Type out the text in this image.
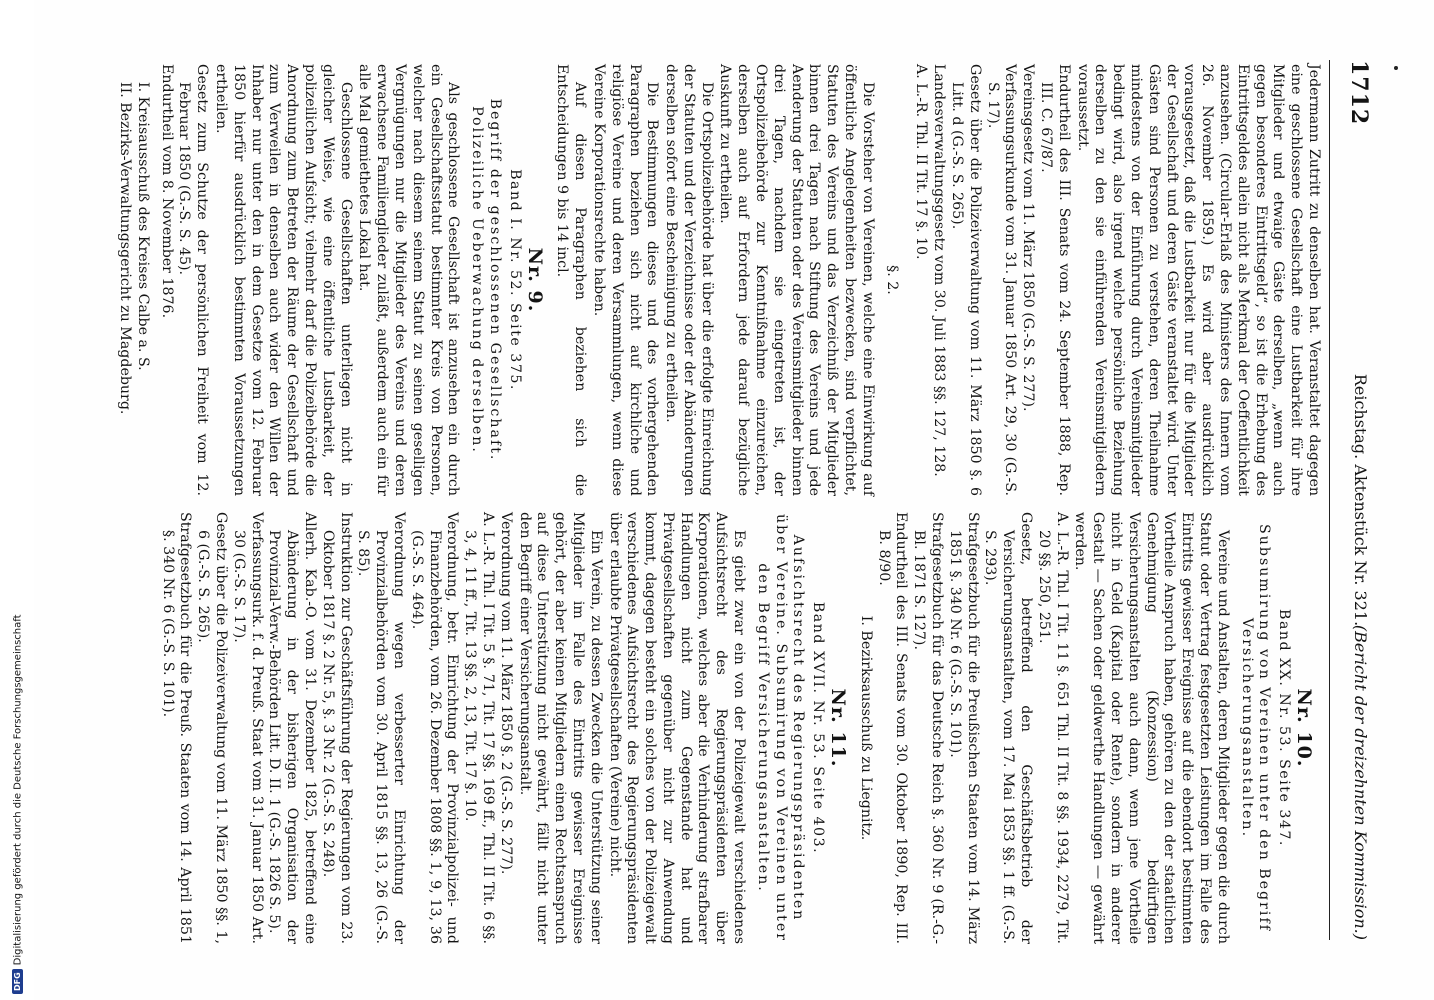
1712
Reichstag. Aktenstück Nr. 321.
(Bericht der dreizehnten Kommission.)

Jedermann Zutritt zu denselben hat. Veranstaltet dagegen eine geschlossene Gesellschaft eine Lustbarkeit für ihre Mitglieder und etwaige Gäste derselben, „wenn auch gegen besonderes Eintrittsgeld“, so ist die Erhebung des Eintrittsgeldes allein nicht als Merkmal der Oeffentlichkeit anzusehen. (Circular-Erlaß des Ministers des Innern vom 26. November 1859.) Es wird aber ausdrücklich vorausgesetzt, daß die Lustbarkeit nur für die Mitglieder der Gesellschaft und deren Gäste veranstaltet wird. Unter Gästen sind Personen zu verstehen, deren Theilnahme mindestens von der Einführung durch Vereinsmitglieder bedingt wird, also irgend welche persönliche Beziehung derselben zu den sie einführenden Vereinsmitgliedern voraussetzt.

Endurtheil des III. Senats vom 24. September 1888, Rep. III. C. 67/87.
Vereinsgesetz vom 11. März 1850 (G.-S. S. 277).
Verfassungsurkunde vom 31. Januar 1850 Art. 29, 30 (G.-S. S. 17).
Gesetz über die Polizeiverwaltung vom 11. März 1850 §. 6 Litt. d (G.-S. S. 265).
Landesverwaltungsgesetz vom 30. Juli 1883 §§. 127, 128.
A. L.-R. Thl. II Tit. 17 §. 10.
§. 2.

Die Vorsteher von Vereinen, welche eine Einwirkung auf öffentliche Angelegenheiten bezwecken, sind verpflichtet, Statuten des Vereins und das Verzeichniß der Mitglieder binnen drei Tagen nach Stiftung des Vereins und jede Aenderung der Statuten oder des Vereinsmitglieder binnen drei Tagen, nachdem sie eingetreten ist, der Ortspolizeibehörde zur Kenntnißnahme einzureichen, derselben auch auf Erfordern jede darauf bezügliche Auskunft zu ertheilen.

Die Ortspolizeibehörde hat über die erfolgte Einreichung der Statuten und der Verzeichnisse oder der Abänderungen derselben sofort eine Bescheinigung zu ertheilen.

Die Bestimmungen dieses und des vorhergehenden Paragraphen beziehen sich nicht auf kirchliche und religiöse Vereine und deren Versammlungen, wenn diese Vereine Korporationsrechte haben.

Auf diesen Paragraphen beziehen sich die Entscheidungen 9 bis 14 incl.

Nr. 9.
Band I. Nr. 52. Seite 375.
Begriff der geschlossenen Gesellschaft. Polizeiliche Ueberwachung derselben.

Als geschlossene Gesellschaft ist anzusehen ein durch ein Gesellschaftsstatut bestimmter Kreis von Personen, welcher nach diesem seinem Statut zu seinen geselligen Vergnügungen nur die Mitglieder des Vereins und deren erwachsene Familienglieder zuläßt, außerdem auch ein für alle Mal gemiethetes Lokal hat.

Geschlossene Gesellschaften unterliegen nicht in gleicher Weise, wie eine öffentliche Lustbarkeit, der polizeilichen Aufsicht; vielmehr darf die Polizeibehörde die Anordnung zum Betreten der Räume der Gesellschaft und zum Verweilen in denselben auch wider den Willen der Inhaber nur unter den in dem Gesetze vom 12. Februar 1850 hierfür ausdrücklich bestimmten Voraussetzungen ertheilen.

Gesetz zum Schutze der persönlichen Freiheit vom 12. Februar 1850 (G.-S. S. 45).
Endurtheil vom 8. November 1876.
I. Kreisausschuß des Kreises Calbe a. S.
II. Bezirks-Verwaltungsgericht zu Magdeburg.
Nr. 10.
Band XX. Nr. 53. Seite 347.
Subsumirung von Vereinen unter den Begriff Versicherungsanstalten.

Vereine und Anstalten, deren Mitglieder gegen die durch Statut oder Vertrag festgesetzten Leistungen im Falle des Eintritts gewisser Ereignisse auf die ebendort bestimmten Vortheile Anspruch haben, gehören zu den der staatlichen Genehmigung (Konzession) bedürftigen Versicherungsanstalten auch dann, wenn jene Vortheile nicht in Geld (Kapital oder Rente), sondern in anderer Gestalt — Sachen oder geldwerthe Handlungen — gewährt werden.

A. L.-R. Thl. I Tit. 11 §. 651 Thl. II Tit. 8 §§. 1934, 2279, Tit. 20 §§. 250, 251.
Gesetz, betreffend den Geschäftsbetrieb der Versicherungsanstalten, vom 17. Mai 1853 §§. 1 ff. (G.-S. S. 293).
Strafgesetzbuch für die Preußischen Staaten vom 14. März 1851 §. 340 Nr. 6 (G.-S. S. 101).
Strafgesetzbuch für das Deutsche Reich §. 360 Nr. 9 (R.-G.-Bl. 1871 S. 127).
Endurtheil des III. Senats vom 30. Oktober 1890, Rep. III. B. 8/90.
I. Bezirksausschuß zu Liegnitz.
Nr. 11.
Band XVII. Nr. 53. Seite 403.
Aufsichtsrecht des Regierungspräsidenten über Vereine. Subsumirung von Vereinen unter den Begriff Versicherungsanstalten.

Es giebt zwar ein von der Polizeigewalt verschiedenes Aufsichtsrecht des Regierungspräsidenten über Korporationen, welches aber die Verhinderung strafbarer Handlungen nicht zum Gegenstande hat und Privatgesellschaften gegenüber nicht zur Anwendung kommt, dagegen besteht ein solches von der Polizeigewalt verschiedenes Aufsichtsrecht des Regierungspräsidenten über erlaubte Privatgesellschaften (Vereine) nicht.

Ein Verein, zu dessen Zwecken die Unterstützung seiner Mitglieder im Falle des Eintritts gewisser Ereignisse gehört, der aber keinen Mitgliedern einen Rechtsanspruch auf diese Unterstützung nicht gewährt, fällt nicht unter den Begriff einer Versicherungsanstalt.

Verordnung vom 11. März 1850 §. 2 (G.-S. S. 277).
A. L.-R. Thl. I Tit. 5 §. 71, Tit. 17 §§. 169 ff., Thl. II Tit. 6 §§. 3, 4, 11 ff., Tit. 13 §§. 2, 13, Tit. 17 §. 10.
Verordnung, betr. Einrichtung der Provinzialpolizei- und Finanzbehörden, vom 26. Dezember 1808 §§. 1, 9, 13, 36 (G.-S. S. 464).
Verordnung wegen verbesserter Einrichtung der Provinzialbehörden vom 30. April 1815 §§. 13, 26 (G.-S. S. 85).
Instruktion zur Geschäftsführung der Regierungen vom 23. Oktober 1817 §. 2 Nr. 5, §. 3 Nr. 2 (G.-S. S. 248).
Allerh. Kab.-O. vom 31. Dezember 1825, betreffend eine Abänderung in der bisherigen Organisation der Provinzial-Verw.-Behörden Litt. D. II. 1 (G.-S. 1826 S. 5).
Verfassungsurk. f. d. Preuß. Staat vom 31. Januar 1850 Art. 30 (G.-S. S. 17).
Gesetz über die Polizeiverwaltung vom 11. März 1850 §§. 1, 6 (G.-S. S. 265).
Strafgesetzbuch für die Preuß. Staaten vom 14. April 1851 §. 340 Nr. 6 (G.-S. S. 101).
DFGDigitalisierung gefördert durch die Deutsche Forschungsgemeinschaft
